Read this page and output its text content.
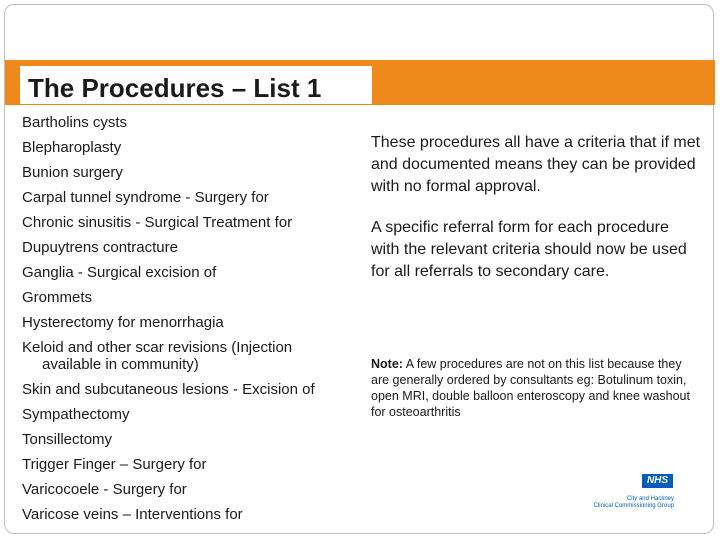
The Procedures – List 1
Bartholins cysts
Blepharoplasty
Bunion surgery
Carpal tunnel syndrome - Surgery for
Chronic sinusitis - Surgical Treatment for
Dupuytrens contracture
Ganglia - Surgical excision of
Grommets
Hysterectomy for menorrhagia
Keloid and other scar revisions (Injection
available in community)
Skin and subcutaneous lesions - Excision of
Sympathectomy
Tonsillectomy
Trigger Finger – Surgery for
Varicocoele - Surgery for
Varicose veins – Interventions for

These procedures all have a criteria that if met and documented means they can be provided with no formal approval.

A specific referral form for each procedure with the relevant criteria should now be used for all referrals to secondary care.

Note: A few procedures are not on this list because they are generally ordered by consultants eg: Botulinum toxin, open MRI, double balloon enteroscopy and knee washout for osteoarthritis
NHS
City and Hackney
Clinical Commissioning Group
